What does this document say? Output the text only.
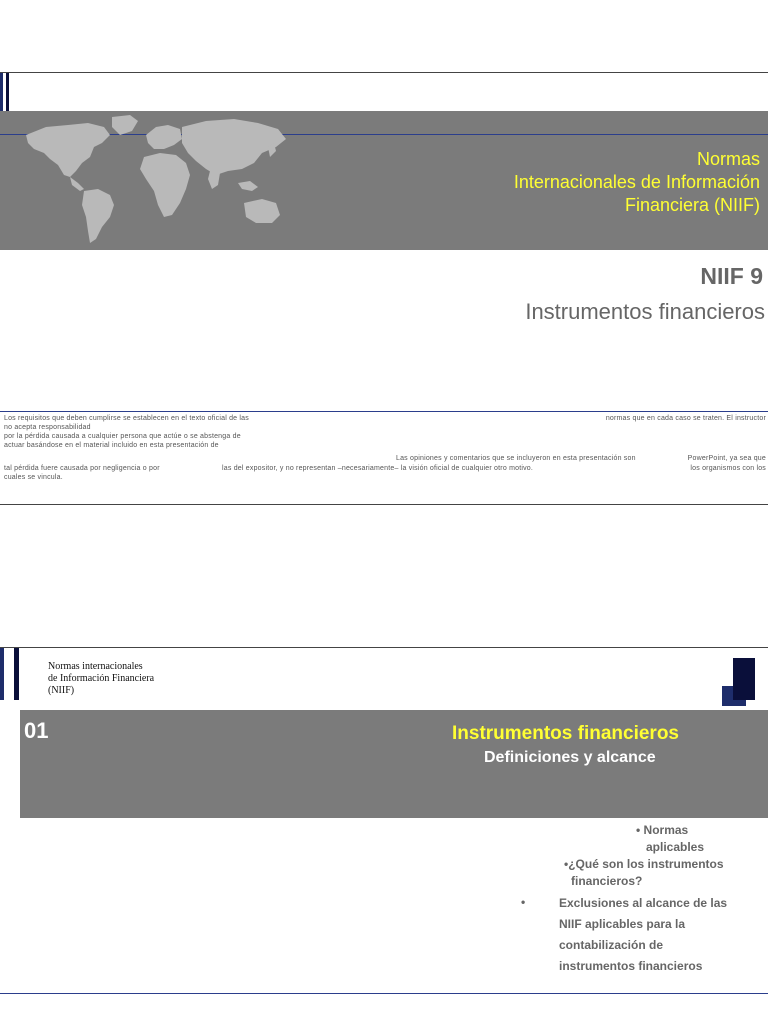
Normas
Internacionales de Información
Financiera (NIIF)
NIIF 9
Instrumentos financieros
Los requisitos que deben cumplirse se establecen en el texto oficial de las
no acepta responsabilidad
por la pérdida causada a cualquier persona que actúe o se abstenga de
actuar basándose en el material incluido en esta presentación de
normas que en cada caso se traten. El instructor
Las opiniones y comentarios que se incluyeron en esta presentación son	PowerPoint, ya sea que
tal pérdida fuere causada por negligencia o por	las del expositor, y no representan –necesariamente– la visión oficial de cualquier otro motivo.	los organismos con los
cuales se vincula.
Normas internacionales
de Información Financiera
(NIIF)
01	Instrumentos financieros
Definiciones y alcance
• Normas
aplicables
•¿Qué son los instrumentos
financieros?
•	Exclusiones al alcance de las
NIIF aplicables para la
contabilización de
instrumentos financieros
